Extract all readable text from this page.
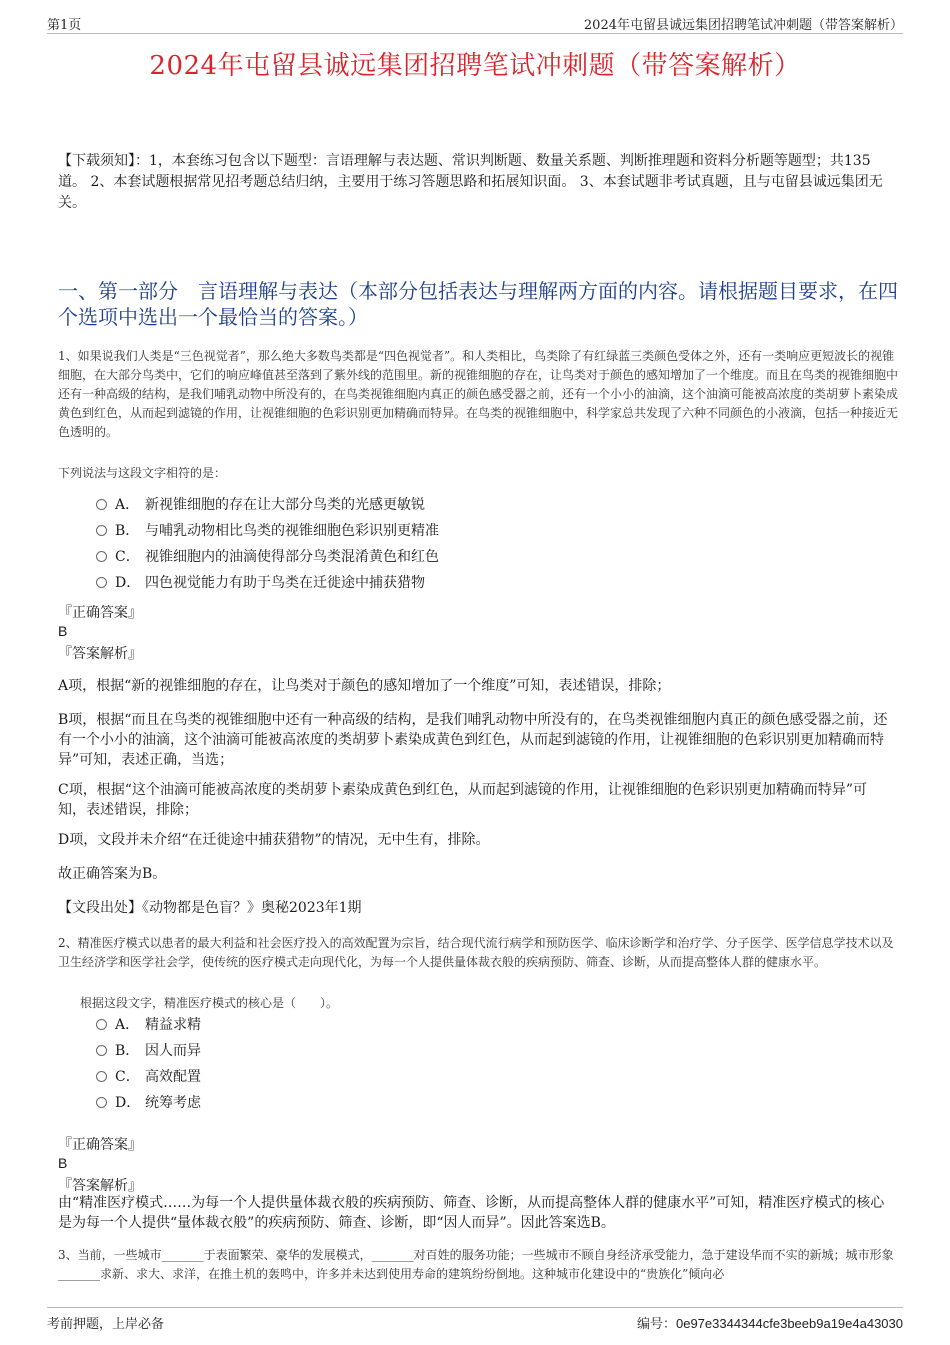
第1页	2024年屯留县诚远集团招聘笔试冲刺题（带答案解析）
2024年屯留县诚远集团招聘笔试冲刺题（带答案解析）
【下载须知】：1，本套练习包含以下题型：言语理解与表达题、常识判断题、数量关系题、判断推理题和资料分析题等题型；共135道。 2、本套试题根据常见招考题总结归纳，主要用于练习答题思路和拓展知识面。 3、本套试题非考试真题，且与屯留县诚远集团无关。
一、第一部分　言语理解与表达（本部分包括表达与理解两方面的内容。请根据题目要求，在四个选项中选出一个最恰当的答案。）
1、如果说我们人类是“三色视觉者”，那么绝大多数鸟类都是“四色视觉者”。和人类相比，鸟类除了有红绿蓝三类颜色受体之外，还有一类响应更短波长的视锥细胞，在大部分鸟类中，它们的响应峰值甚至落到了紫外线的范围里。新的视锥细胞的存在，让鸟类对于颜色的感知增加了一个维度。而且在鸟类的视锥细胞中还有一种高级的结构，是我们哺乳动物中所没有的，在鸟类视锥细胞内真正的颜色感受器之前，还有一个小小的油滴，这个油滴可能被高浓度的类胡萝卜素染成黄色到红色，从而起到滤镜的作用，让视锥细胞的色彩识别更加精确而特异。在鸟类的视锥细胞中，科学家总共发现了六种不同颜色的小液滴，包括一种接近无色透明的。
下列说法与这段文字相符的是：
A． 新视锥细胞的存在让大部分鸟类的光感更敏锐
B． 与哺乳动物相比鸟类的视锥细胞色彩识别更精准
C． 视锥细胞内的油滴使得部分鸟类混淆黄色和红色
D． 四色视觉能力有助于鸟类在迁徙途中捕获猎物
『正确答案』
B
『答案解析』
A项，根据“新的视锥细胞的存在，让鸟类对于颜色的感知增加了一个维度”可知，表述错误，排除；
B项，根据“而且在鸟类的视锥细胞中还有一种高级的结构，是我们哺乳动物中所没有的，在鸟类视锥细胞内真正的颜色感受器之前，还有一个小小的油滴，这个油滴可能被高浓度的类胡萝卜素染成黄色到红色，从而起到滤镜的作用，让视锥细胞的色彩识别更加精确而特异”可知，表述正确，当选；
C项，根据“这个油滴可能被高浓度的类胡萝卜素染成黄色到红色，从而起到滤镜的作用，让视锥细胞的色彩识别更加精确而特异”可知，表述错误，排除；
D项，文段并未介绍“在迁徙途中捕获猎物”的情况，无中生有，排除。
故正确答案为B。
【文段出处】《动物都是色盲？》奥秘2023年1期
2、精准医疗模式以患者的最大利益和社会医疗投入的高效配置为宗旨，结合现代流行病学和预防医学、临床诊断学和治疗学、分子医学、医学信息学技术以及卫生经济学和医学社会学，使传统的医疗模式走向现代化，为每一个人提供量体裁衣般的疾病预防、筛查、诊断，从而提高整体人群的健康水平。
根据这段文字，精准医疗模式的核心是（　　）。
A． 精益求精
B． 因人而异
C． 高效配置
D． 统筹考虑
『正确答案』
B
『答案解析』
由“精准医疗模式……为每一个人提供量体裁衣般的疾病预防、筛查、诊断，从而提高整体人群的健康水平”可知，精准医疗模式的核心是为每一个人提供“量体裁衣般”的疾病预防、筛查、诊断，即“因人而异”。因此答案选B。
3、当前，一些城市_______于表面繁荣、豪华的发展模式，_______对百姓的服务功能；一些城市不顾自身经济承受能力，急于建设华而不实的新城；城市形象_______求新、求大、求洋，在推土机的轰鸣中，许多并未达到使用寿命的建筑纷纷倒地。这种城市化建设中的“贵族化”倾向必
考前押题，上岸必备	编号：0e97e3344344cfe3beeb9a19e4a43030
